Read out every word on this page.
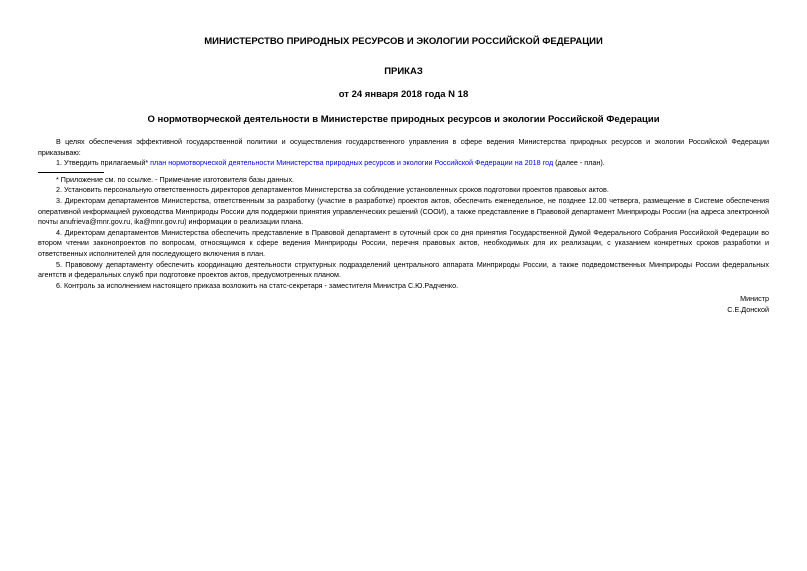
МИНИСТЕРСТВО ПРИРОДНЫХ РЕСУРСОВ И ЭКОЛОГИИ РОССИЙСКОЙ ФЕДЕРАЦИИ

ПРИКАЗ

от 24 января 2018 года N 18

О нормотворческой деятельности в Министерстве природных ресурсов и экологии Российской Федерации

В целях обеспечения эффективной государственной политики и осуществления государственного управления в сфере ведения Министерства природных ресурсов и экологии Российской Федерации приказываю:

1. Утвердить прилагаемый* план нормотворческой деятельности Министерства природных ресурсов и экологии Российской Федерации на 2018 год (далее - план).

* Приложение см. по ссылке. - Примечание изготовителя базы данных.

2. Установить персональную ответственность директоров департаментов Министерства за соблюдение установленных сроков подготовки проектов правовых актов.

3. Директорам департаментов Министерства, ответственным за разработку (участие в разработке) проектов актов, обеспечить еженедельное, не позднее 12.00 четверга, размещение в Системе обеспечения оперативной информацией руководства Минприроды России для поддержки принятия управленческих решений (СООИ), а также представление в Правовой департамент Минприроды России (на адреса электронной почты anufrieva@mnr.gov.ru, ika@mnr.gov.ru) информации о реализации плана.

4. Директорам департаментов Министерства обеспечить представление в Правовой департамент в суточный срок со дня принятия Государственной Думой Федерального Собрания Российской Федерации во втором чтении законопроектов по вопросам, относящимся к сфере ведения Минприроды России, перечня правовых актов, необходимых для их реализации, с указанием конкретных сроков разработки и ответственных исполнителей для последующего включения в план.

5. Правовому департаменту обеспечить координацию деятельности структурных подразделений центрального аппарата Минприроды России, а также подведомственных Минприроды России федеральных агентств и федеральных служб при подготовке проектов актов, предусмотренных планом.

6. Контроль за исполнением настоящего приказа возложить на статс-секретаря - заместителя Министра С.Ю.Радченко.

Министр
С.Е.Донской
